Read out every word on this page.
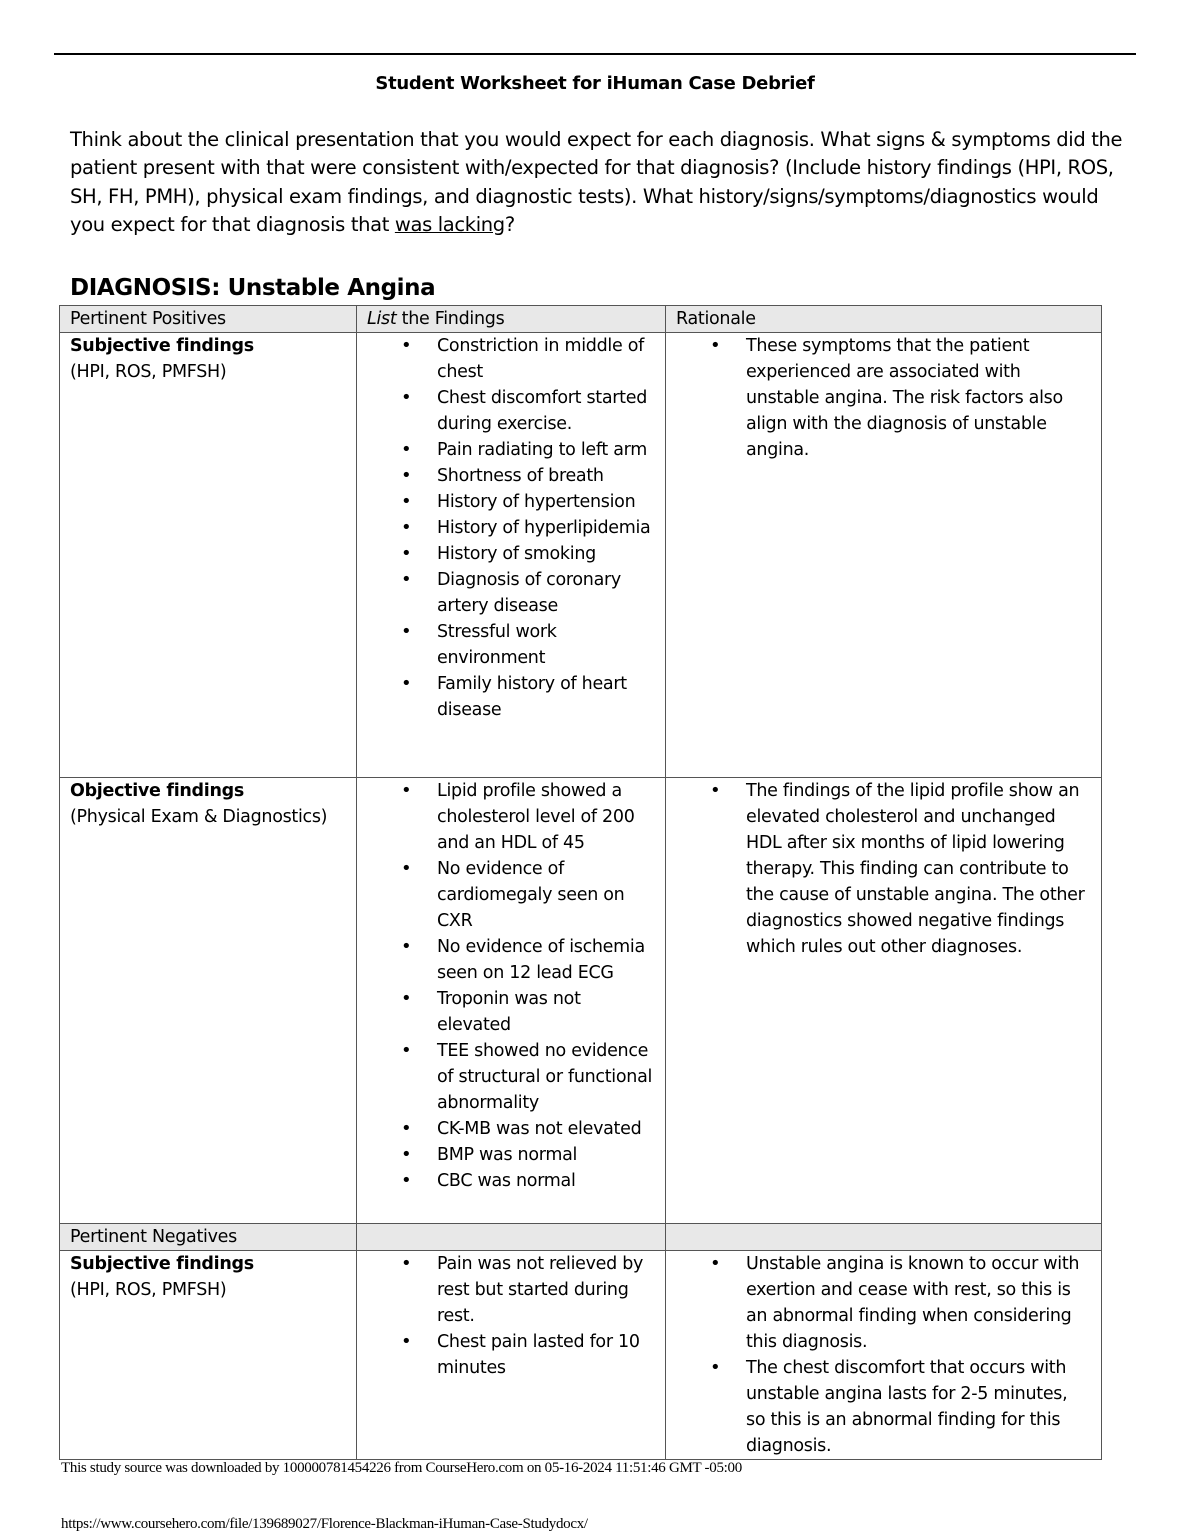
Student Worksheet for iHuman Case Debrief
Think about the clinical presentation that you would expect for each diagnosis. What signs & symptoms did the patient present with that were consistent with/expected for that diagnosis? (Include history findings (HPI, ROS, SH, FH, PMH), physical exam findings, and diagnostic tests). What history/signs/symptoms/diagnostics would you expect for that diagnosis that was lacking?
DIAGNOSIS: Unstable Angina
Pertinent Positives	List the Findings	Rationale

Subjective findings
(HPI, ROS, PMFSH)

• Constriction in middle of chest
• Chest discomfort started during exercise.
• Pain radiating to left arm
• Shortness of breath
• History of hypertension
• History of hyperlipidemia
• History of smoking
• Diagnosis of coronary artery disease
• Stressful work environment
• Family history of heart disease

• These symptoms that the patient experienced are associated with unstable angina. The risk factors also align with the diagnosis of unstable angina.

Objective findings
(Physical Exam & Diagnostics)

• Lipid profile showed a cholesterol level of 200 and an HDL of 45
• No evidence of cardiomegaly seen on CXR
• No evidence of ischemia seen on 12 lead ECG
• Troponin was not elevated
• TEE showed no evidence of structural or functional abnormality
• CK-MB was not elevated
• BMP was normal
• CBC was normal

• The findings of the lipid profile show an elevated cholesterol and unchanged HDL after six months of lipid lowering therapy. This finding can contribute to the cause of unstable angina. The other diagnostics showed negative findings which rules out other diagnoses.

Pertinent Negatives		

Subjective findings
(HPI, ROS, PMFSH)

• Pain was not relieved by rest but started during rest.
• Chest pain lasted for 10 minutes

• Unstable angina is known to occur with exertion and cease with rest, so this is an abnormal finding when considering this diagnosis.
• The chest discomfort that occurs with unstable angina lasts for 2-5 minutes, so this is an abnormal finding for this diagnosis.
This study source was downloaded by 100000781454226 from CourseHero.com on 05-16-2024 11:51:46 GMT -05:00
https://www.coursehero.com/file/139689027/Florence-Blackman-iHuman-Case-Studydocx/
